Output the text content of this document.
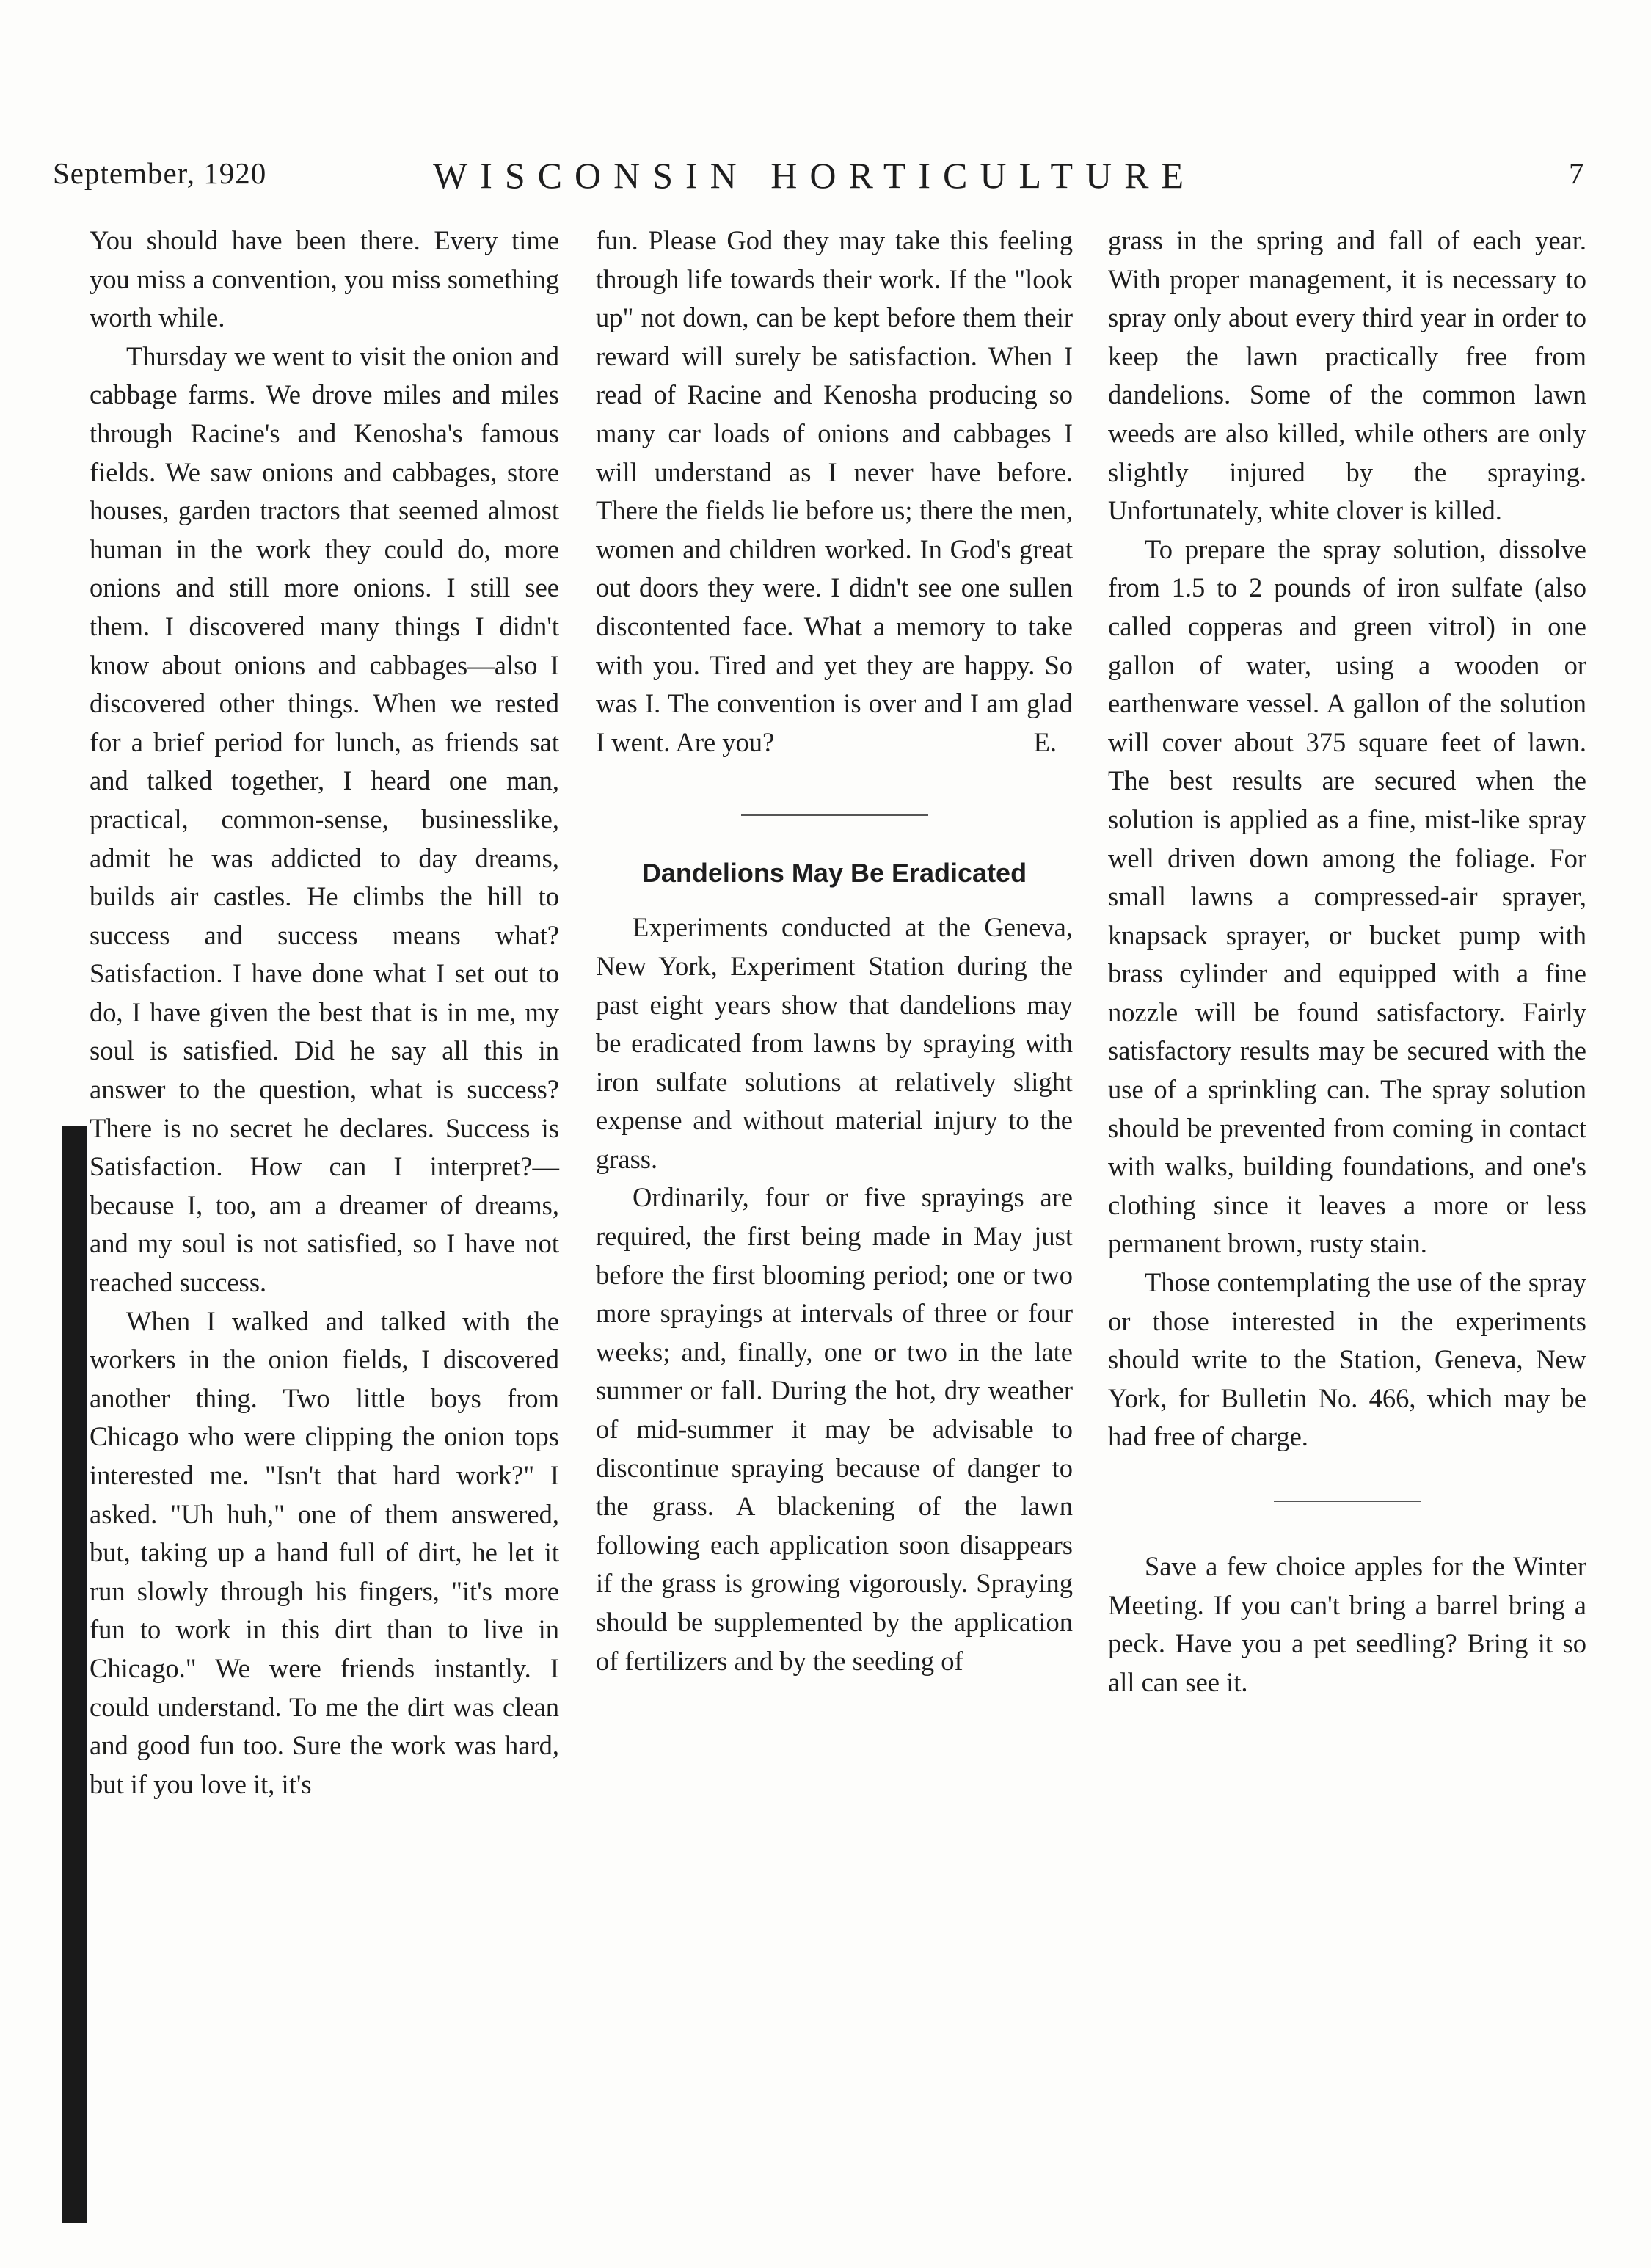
September, 1920	WISCONSIN HORTICULTURE	7

You should have been there. Every time you miss a convention, you miss something worth while.

Thursday we went to visit the onion and cabbage farms. We drove miles and miles through Racine's and Kenosha's famous fields. We saw onions and cabbages, store houses, garden tractors that seemed almost human in the work they could do, more onions and still more onions. I still see them. I discovered many things I didn't know about onions and cabbages—also I discovered other things. When we rested for a brief period for lunch, as friends sat and talked together, I heard one man, practical, common-sense, businesslike, admit he was addicted to day dreams, builds air castles. He climbs the hill to success and success means what? Satisfaction. I have done what I set out to do, I have given the best that is in me, my soul is satisfied. Did he say all this in answer to the question, what is success? There is no secret he declares. Success is Satisfaction. How can I interpret?—because I, too, am a dreamer of dreams, and my soul is not satisfied, so I have not reached success.

When I walked and talked with the workers in the onion fields, I discovered another thing. Two little boys from Chicago who were clipping the onion tops interested me. "Isn't that hard work?" I asked. "Uh huh," one of them answered, but, taking up a hand full of dirt, he let it run slowly through his fingers, "it's more fun to work in this dirt than to live in Chicago." We were friends instantly. I could understand. To me the dirt was clean and good fun too. Sure the work was hard, but if you love it, it's

fun. Please God they may take this feeling through life towards their work. If the "look up" not down, can be kept before them their reward will surely be satisfaction. When I read of Racine and Kenosha producing so many car loads of onions and cabbages I will understand as I never have before. There the fields lie before us; there the men, women and children worked. In God's great out doors they were. I didn't see one sullen discontented face. What a memory to take with you. Tired and yet they are happy. So was I. The convention is over and I am glad I went. Are you?	E.

Dandelions May Be Eradicated

Experiments conducted at the Geneva, New York, Experiment Station during the past eight years show that dandelions may be eradicated from lawns by spraying with iron sulfate solutions at relatively slight expense and without material injury to the grass.

Ordinarily, four or five sprayings are required, the first being made in May just before the first blooming period; one or two more sprayings at intervals of three or four weeks; and, finally, one or two in the late summer or fall. During the hot, dry weather of mid-summer it may be advisable to discontinue spraying because of danger to the grass. A blackening of the lawn following each application soon disappears if the grass is growing vigorously. Spraying should be supplemented by the application of fertilizers and by the seeding of

grass in the spring and fall of each year. With proper management, it is necessary to spray only about every third year in order to keep the lawn practically free from dandelions. Some of the common lawn weeds are also killed, while others are only slightly injured by the spraying. Unfortunately, white clover is killed.

To prepare the spray solution, dissolve from 1.5 to 2 pounds of iron sulfate (also called copperas and green vitrol) in one gallon of water, using a wooden or earthenware vessel. A gallon of the solution will cover about 375 square feet of lawn. The best results are secured when the solution is applied as a fine, mist-like spray well driven down among the foliage. For small lawns a compressed-air sprayer, knapsack sprayer, or bucket pump with brass cylinder and equipped with a fine nozzle will be found satisfactory. Fairly satisfactory results may be secured with the use of a sprinkling can. The spray solution should be prevented from coming in contact with walks, building foundations, and one's clothing since it leaves a more or less permanent brown, rusty stain.

Those contemplating the use of the spray or those interested in the experiments should write to the Station, Geneva, New York, for Bulletin No. 466, which may be had free of charge.

Save a few choice apples for the Winter Meeting. If you can't bring a barrel bring a peck. Have you a pet seedling? Bring it so all can see it.
